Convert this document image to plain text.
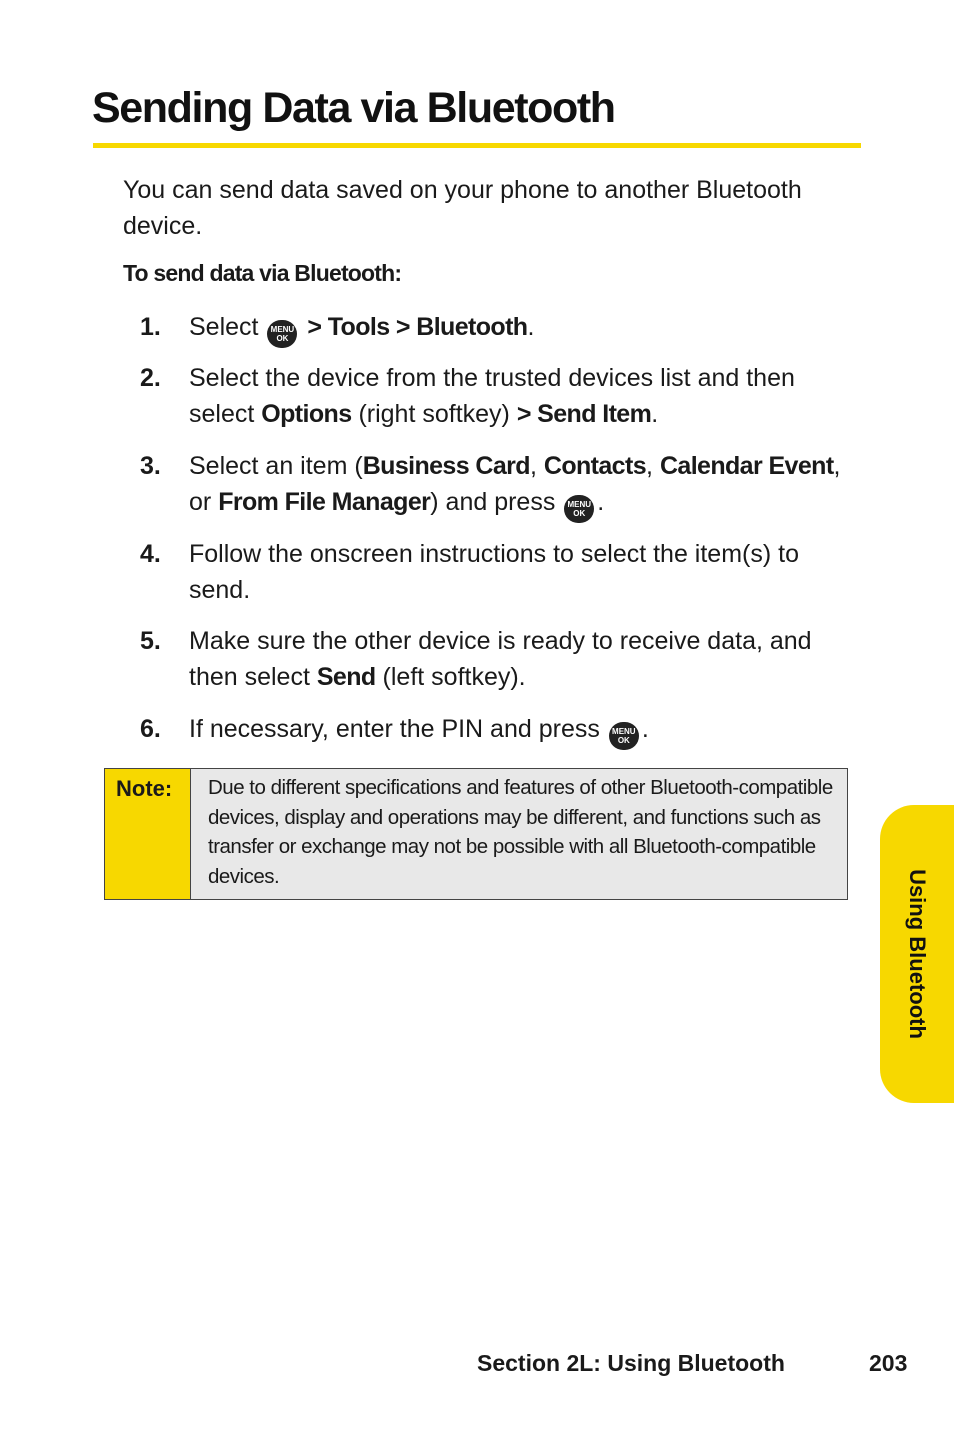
Sending Data via Bluetooth
You can send data saved on your phone to another Bluetooth device.
To send data via Bluetooth:
1. Select MENU
OK > Tools > Bluetooth.
2. Select the device from the trusted devices list and then select Options (right softkey) > Send Item.
3. Select an item (Business Card, Contacts, Calendar Event, or From File Manager) and press MENU
OK .
4. Follow the onscreen instructions to select the item(s) to send.
5. Make sure the other device is ready to receive data, and then select Send (left softkey).
6. If necessary, enter the PIN and press MENU
OK .
Note:	Due to different specifications and features of other Bluetooth-compatible devices, display and operations may be different, and functions such as transfer or exchange may not be possible with all Bluetooth-compatible devices.	Using Bluetooth
Section 2L: Using Bluetooth	203
